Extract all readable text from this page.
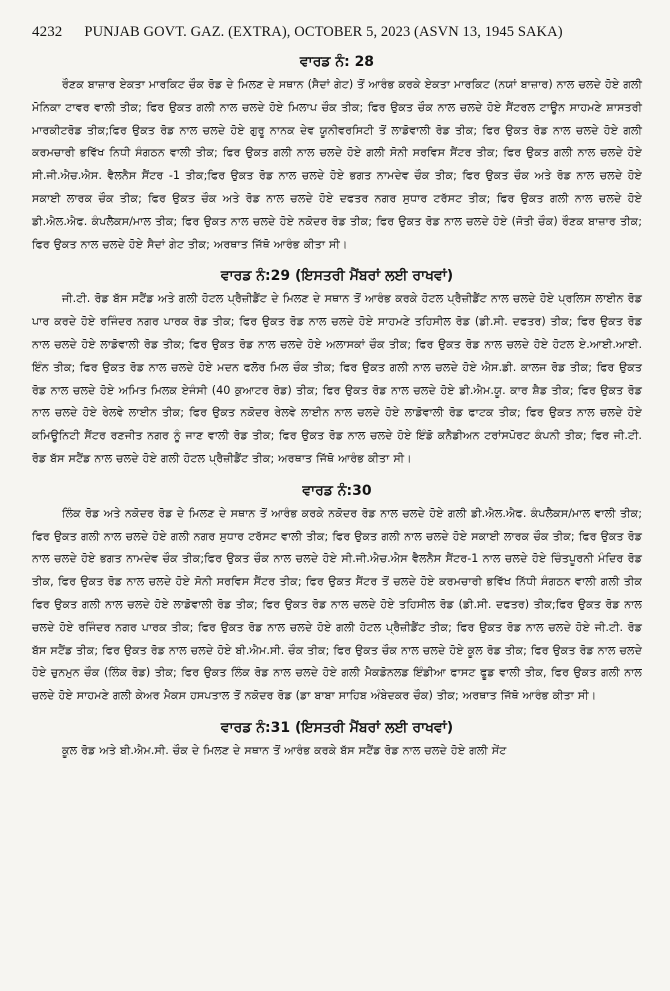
4232 PUNJAB GOVT. GAZ. (EXTRA), OCTOBER 5, 2023 (ASVN 13, 1945 SAKA)
ਵਾਰਡ ਨੰ: 28

ਰੌਣਕ ਬਾਜ਼ਾਰ ਏਕਤਾ ਮਾਰਕਿਟ ਚੌਕ ਰੋਡ ਦੇ ਮਿਲਣ ਦੇ ਸਥਾਨ (ਸੈਦਾਂ ਗੇਟ) ਤੋਂ ਆਰੰਭ ਕਰਕੇ ਏਕਤਾ ਮਾਰਕਿਟ (ਨਯਾਂ ਬਾਜ਼ਾਰ) ਨਾਲ ਚਲਦੇ ਹੋਏ ਗਲੀ ਮੋਨਿਕਾ ਟਾਵਰ ਵਾਲੀ ਤੀਕ; ਫਿਰ ਉਕਤ ਗਲੀ ਨਾਲ ਚਲਦੇ ਹੋਏ ਮਿਲਾਪ ਚੌਕ ਤੀਕ; ਫਿਰ ਉਕਤ ਚੌਕ ਨਾਲ ਚਲਦੇ ਹੋਏ ਸੈਂਟਰਲ ਟਾਊਨ ਸਾਹਮਣੇ ਸ਼ਾਸਤਰੀ ਮਾਰਕੀਟਰੋਡ ਤੀਕ;ਫਿਰ ਉਕਤ ਰੋਡ ਨਾਲ ਚਲਦੇ ਹੋਏ ਗੁਰੂ ਨਾਨਕ ਦੇਵ ਯੂਨੀਵਰਸਿਟੀ ਤੋਂ ਲਾਡੋਵਾਲੀ ਰੋਡ ਤੀਕ; ਫਿਰ ਉਕਤ ਰੋਡ ਨਾਲ ਚਲਦੇ ਹੋਏ ਗਲੀ ਕਰਮਚਾਰੀ ਭਵਿੱਖ ਨਿਧੀ ਸੰਗਠਨ ਵਾਲੀ ਤੀਕ; ਫਿਰ ਉਕਤ ਗਲੀ ਨਾਲ ਚਲਦੇ ਹੋਏ ਗਲੀ ਸੋਨੀ ਸਰਵਿਸ ਸੈਂਟਰ ਤੀਕ; ਫਿਰ ਉਕਤ ਗਲੀ ਨਾਲ ਚਲਦੇ ਹੋਏ ਸੀ.ਜੀ.ਐਚ.ਐਸ. ਵੈਲਨੈਸ ਸੈਂਟਰ -1 ਤੀਕ;ਫਿਰ ਉਕਤ ਰੋਡ ਨਾਲ ਚਲਦੇ ਹੋਏ ਭਗਤ ਨਾਮਦੇਵ ਚੌਕ ਤੀਕ; ਫਿਰ ਉਕਤ ਚੌਕ ਅਤੇ ਰੋਡ ਨਾਲ ਚਲਦੇ ਹੋਏ ਸਕਾਈ ਲਾਰਕ ਚੌਕ ਤੀਕ; ਫਿਰ ਉਕਤ ਚੌਕ ਅਤੇ ਰੋਡ ਨਾਲ ਚਲਦੇ ਹੋਏ ਦਫਤਰ ਨਗਰ ਸੁਧਾਰ ਟਰੱਸਟ ਤੀਕ; ਫਿਰ ਉਕਤ ਗਲੀ ਨਾਲ ਚਲਦੇ ਹੋਏ ਡੀ.ਐਲ.ਐਫ. ਕੰਪਲੈਕਸ/ਮਾਲ ਤੀਕ; ਫਿਰ ਉਕਤ ਨਾਲ ਚਲਦੇ ਹੋਏ ਨਕੋਦਰ ਰੋਡ ਤੀਕ; ਫਿਰ ਉਕਤ ਰੋਡ ਨਾਲ ਚਲਦੇ ਹੋਏ (ਜੋਤੀ ਚੌਕ) ਰੌਣਕ ਬਾਜ਼ਾਰ ਤੀਕ; ਫਿਰ ਉਕਤ ਨਾਲ ਚਲਦੇ ਹੋਏ ਸੈਦਾਂ ਗੇਟ ਤੀਕ; ਅਰਥਾਤ ਜਿੱਥੋ ਆਰੰਭ ਕੀਤਾ ਸੀ।

ਵਾਰਡ ਨੰ:29 (ਇਸਤਰੀ ਮੈਂਬਰਾਂ ਲਈ ਰਾਖਵਾਂ)

ਜੀ.ਟੀ. ਰੋਡ ਬੱਸ ਸਟੈਂਡ ਅਤੇ ਗਲੀ ਹੋਟਲ ਪ੍ਰੈਜ਼ੀਡੈਂਟ ਦੇ ਮਿਲਣ ਦੇ ਸਥਾਨ ਤੋਂ ਆਰੰਭ ਕਰਕੇ ਹੋਟਲ ਪ੍ਰੈਜ਼ੀਡੈਂਟ ਨਾਲ ਚਲਦੇ ਹੋਏ ਪ੍ਰਲਿਸ ਲਾਈਨ ਰੋਡ ਪਾਰ ਕਰਦੇ ਹੋਏ ਰਜਿੰਦਰ ਨਗਰ ਪਾਰਕ ਰੋਡ ਤੀਕ; ਫਿਰ ਉਕਤ ਰੋਡ ਨਾਲ ਚਲਦੇ ਹੋਏ ਸਾਹਮਣੇ ਤਹਿਸੀਲ ਰੋਡ (ਡੀ.ਸੀ. ਦਫਤਰ) ਤੀਕ; ਫਿਰ ਉਕਤ ਰੋਡ ਨਾਲ ਚਲਦੇ ਹੋਏ ਲਾਡੋਵਾਲੀ ਰੋਡ ਤੀਕ; ਫਿਰ ਉਕਤ ਰੋਡ ਨਾਲ ਚਲਦੇ ਹੋਏ ਅਲਾਸਕਾਂ ਚੌਕ ਤੀਕ; ਫਿਰ ਉਕਤ ਰੋਡ ਨਾਲ ਚਲਦੇ ਹੋਏ ਹੋਟਲ ਏ.ਆਈ.ਆਈ. ਇੰਨ ਤੀਕ; ਫਿਰ ਉਕਤ ਰੋਡ ਨਾਲ ਚਲਦੇ ਹੋਏ ਮਦਨ ਫਲੋਰ ਮਿਲ ਚੌਕ ਤੀਕ; ਫਿਰ ਉਕਤ ਗਲੀ ਨਾਲ ਚਲਦੇ ਹੋਏ ਐਸ.ਡੀ. ਕਾਲਜ ਰੋਡ ਤੀਕ; ਫਿਰ ਉਕਤ ਰੋਡ ਨਾਲ ਚਲਦੇ ਹੋਏ ਅਮਿਤ ਮਿਲਕ ਏਜੰਸੀ (40 ਕੁਆਟਰ ਰੋਡ) ਤੀਕ; ਫਿਰ ਉਕਤ ਰੋਡ ਨਾਲ ਚਲਦੇ ਹੋਏ ਡੀ.ਐਮ.ਯੂ. ਕਾਰ ਸ਼ੈਡ ਤੀਕ; ਫਿਰ ਉਕਤ ਰੋਡ ਨਾਲ ਚਲਦੇ ਹੋਏ ਰੇਲਵੇ ਲਾਈਨ ਤੀਕ; ਫਿਰ ਉਕਤ ਨਕੋਦਰ ਰੇਲਵੇ ਲਾਈਨ ਨਾਲ ਚਲਦੇ ਹੋਏ ਲਾਡੋਵਾਲੀ ਰੋਡ ਫਾਟਕ ਤੀਕ; ਫਿਰ ਉਕਤ ਨਾਲ ਚਲਦੇ ਹੋਏ ਕਮਿਊਨਿਟੀ ਸੈਂਟਰ ਰਣਜੀਤ ਨਗਰ ਨੂੰ ਜਾਣ ਵਾਲੀ ਰੋਡ ਤੀਕ; ਫਿਰ ਉਕਤ ਰੋਡ ਨਾਲ ਚਲਦੇ ਹੋਏ ਇੰਡੋ ਕਨੈਡੀਅਨ ਟਰਾਂਸਪੋਰਟ ਕੰਪਨੀ ਤੀਕ; ਫਿਰ ਜੀ.ਟੀ. ਰੋਡ ਬੱਸ ਸਟੈਂਡ ਨਾਲ ਚਲਦੇ ਹੋਏ ਗਲੀ ਹੋਟਲ ਪ੍ਰੈਜ਼ੀਡੈਂਟ ਤੀਕ; ਅਰਥਾਤ ਜਿੱਥੋ ਆਰੰਭ ਕੀਤਾ ਸੀ।

ਵਾਰਡ ਨੰ:30

ਲਿੰਕ ਰੋਡ ਅਤੇ ਨਕੋਦਰ ਰੋਡ ਦੇ ਮਿਲਣ ਦੇ ਸਥਾਨ ਤੋਂ ਆਰੰਭ ਕਰਕੇ ਨਕੋਦਰ ਰੋਡ ਨਾਲ ਚਲਦੇ ਹੋਏ ਗਲੀ ਡੀ.ਐਲ.ਐਫ. ਕੰਪਲੈਕਸ/ਮਾਲ ਵਾਲੀ ਤੀਕ; ਫਿਰ ਉਕਤ ਗਲੀ ਨਾਲ ਚਲਦੇ ਹੋਏ ਗਲੀ ਨਗਰ ਸੁਧਾਰ ਟਰੱਸਟ ਵਾਲੀ ਤੀਕ; ਫਿਰ ਉਕਤ ਗਲੀ ਨਾਲ ਚਲਦੇ ਹੋਏ ਸਕਾਈ ਲਾਰਕ ਚੌਕ ਤੀਕ; ਫਿਰ ਉਕਤ ਰੋਡ ਨਾਲ ਚਲਦੇ ਹੋਏ ਭਗਤ ਨਾਮਦੇਵ ਚੌਕ ਤੀਕ;ਫਿਰ ਉਕਤ ਚੌਕ ਨਾਲ ਚਲਦੇ ਹੋਏ ਸੀ.ਜੀ.ਐਚ.ਐਸ ਵੈਲਨੈਸ ਸੈਂਟਰ-1 ਨਾਲ ਚਲਦੇ ਹੋਏ ਚਿੰਤਪੂਰਨੀ ਮੰਦਿਰ ਰੋਡ ਤੀਕ, ਫਿਰ ਉਕਤ ਰੋਡ ਨਾਲ ਚਲਦੇ ਹੋਏ ਸੋਨੀ ਸਰਵਿਸ ਸੈਂਟਰ ਤੀਕ; ਫਿਰ ਉਕਤ ਸੈਂਟਰ ਤੋਂ ਚਲਦੇ ਹੋਏ ਕਰਮਚਾਰੀ ਭਵਿੱਖ ਨਿੱਧੀ ਸੰਗਠਨ ਵਾਲੀ ਗਲੀ ਤੀਕ ਫਿਰ ਉਕਤ ਗਲੀ ਨਾਲ ਚਲਦੇ ਹੋਏ ਲਾਡੋਵਾਲੀ ਰੋਡ ਤੀਕ; ਫਿਰ ਉਕਤ ਰੋਡ ਨਾਲ ਚਲਦੇ ਹੋਏ ਤਹਿਸੀਲ ਰੋਡ (ਡੀ.ਸੀ. ਦਫਤਰ) ਤੀਕ;ਫਿਰ ਉਕਤ ਰੋਡ ਨਾਲ ਚਲਦੇ ਹੋਏ ਰਜਿੰਦਰ ਨਗਰ ਪਾਰਕ ਤੀਕ; ਫਿਰ ਉਕਤ ਰੋਡ ਨਾਲ ਚਲਦੇ ਹੋਏ ਗਲੀ ਹੋਟਲ ਪ੍ਰੈਜ਼ੀਡੈਂਟ ਤੀਕ; ਫਿਰ ਉਕਤ ਰੋਡ ਨਾਲ ਚਲਦੇ ਹੋਏ ਜੀ.ਟੀ. ਰੋਡ ਬੱਸ ਸਟੈਂਡ ਤੀਕ; ਫਿਰ ਉਕਤ ਰੋਡ ਨਾਲ ਚਲਦੇ ਹੋਏ ਬੀ.ਐਮ.ਸੀ. ਚੌਕ ਤੀਕ; ਫਿਰ ਉਕਤ ਚੌਕ ਨਾਲ ਚਲਦੇ ਹੋਏ ਕੂਲ ਰੋਡ ਤੀਕ; ਫਿਰ ਉਕਤ ਰੋਡ ਨਾਲ ਚਲਦੇ ਹੋਏ ਚੁਨਮੁਨ ਚੌਕ (ਲਿੰਕ ਰੋਡ) ਤੀਕ; ਫਿਰ ਉਕਤ ਲਿੰਕ ਰੋਡ ਨਾਲ ਚਲਦੇ ਹੋਏ ਗਲੀ ਮੈਕਡੋਨਲਡ ਇੰਡੀਆ ਫਾਸਟ ਫੂਡ ਵਾਲੀ ਤੀਕ, ਫਿਰ ਉਕਤ ਗਲੀ ਨਾਲ ਚਲਦੇ ਹੋਏ ਸਾਹਮਣੇ ਗਲੀ ਕੇਅਰ ਮੈਕਸ ਹਸਪਤਾਲ ਤੋਂ ਨਕੋਦਰ ਰੋਡ (ਡਾ ਬਾਬਾ ਸਾਹਿਬ ਅੰਬੇਦਕਰ ਚੌਕ) ਤੀਕ; ਅਰਥਾਤ ਜਿੱਥੋ ਆਰੰਭ ਕੀਤਾ ਸੀ।

ਵਾਰਡ ਨੰ:31 (ਇਸਤਰੀ ਮੈਂਬਰਾਂ ਲਈ ਰਾਖਵਾਂ)

ਕੂਲ ਰੋਡ ਅਤੇ ਬੀ.ਐਮ.ਸੀ. ਚੌਕ ਦੇ ਮਿਲਣ ਦੇ ਸਥਾਨ ਤੋਂ ਆਰੰਭ ਕਰਕੇ ਬੱਸ ਸਟੈਂਡ ਰੋਡ ਨਾਲ ਚਲਦੇ ਹੋਏ ਗਲੀ ਸੇਂਟ
